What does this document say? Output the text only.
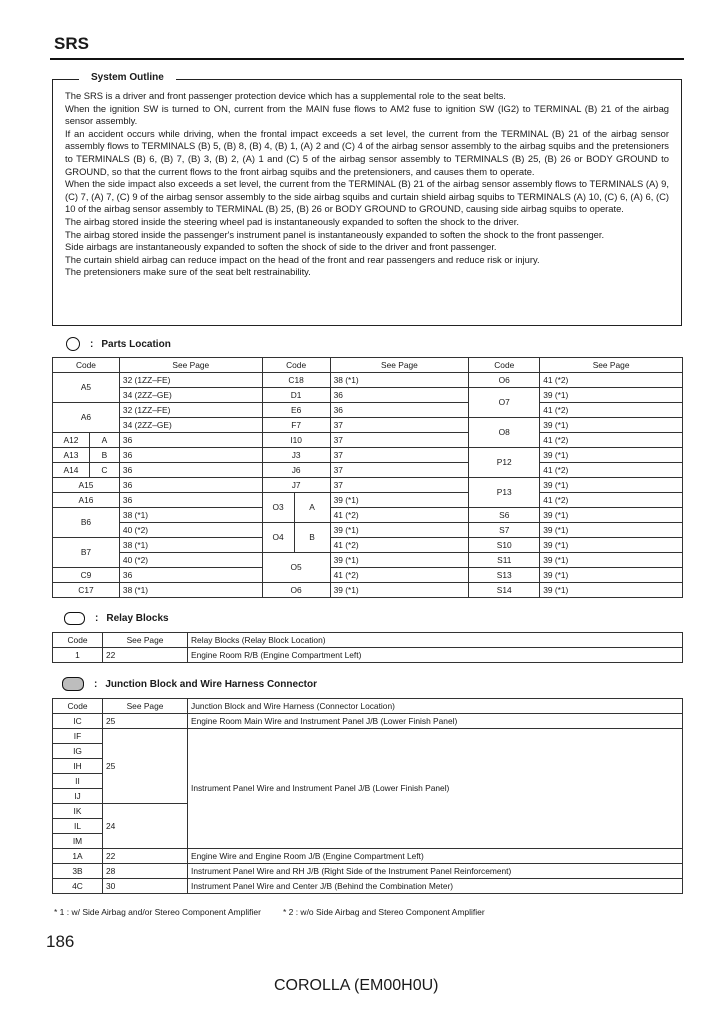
SRS
System Outline

The SRS is a driver and front passenger protection device which has a supplemental role to the seat belts.

When the ignition SW is turned to ON, current from the MAIN fuse flows to AM2 fuse to ignition SW (IG2) to TERMINAL (B) 21 of the airbag sensor assembly.

If an accident occurs while driving, when the frontal impact exceeds a set level, the current from the TERMINAL (B) 21 of the airbag sensor assembly flows to TERMINALS (B) 5, (B) 8, (B) 4, (B) 1, (A) 2 and (C) 4 of the airbag sensor assembly to the airbag squibs and the pretensioners to TERMINALS (B) 6, (B) 7, (B) 3, (B) 2, (A) 1 and (C) 5 of the airbag sensor assembly to TERMINALS (B) 25, (B) 26 or BODY GROUND to GROUND, so that the current flows to the front airbag squibs and the pretensioners, and causes them to operate.

When the side impact also exceeds a set level, the current from the TERMINAL (B) 21 of the airbag sensor assembly flows to TERMINALS (A) 9, (C) 7, (A) 7, (C) 9 of the airbag sensor assembly to the side airbag squibs and curtain shield airbag squibs to TERMINALS (A) 10, (C) 6, (A) 6, (C) 10 of the airbag sensor assembly to TERMINAL (B) 25, (B) 26 or BODY GROUND to GROUND, causing side airbag squibs to operate.

The airbag stored inside the steering wheel pad is instantaneously expanded to soften the shock to the driver.

The airbag stored inside the passenger's instrument panel is instantaneously expanded to soften the shock to the front passenger.

Side airbags are instantaneously expanded to soften the shock of side to the driver and front passenger.

The curtain shield airbag can reduce impact on the head of the front and rear passengers and reduce risk or injury.

The pretensioners make sure of the seat belt restrainability.

: Parts Location
Code		See Page	Code		See Page	Code	See Page
A5		32 (1ZZ–FE)	C18		38 (*1)	O6	41 (*2)
		34 (2ZZ–GE)	D1		36	O7	39 (*1)
A6		32 (1ZZ–FE)	E6		36		41 (*2)
		34 (2ZZ–GE)	F7		37	O8	39 (*1)
A12	A	36	I10		37		41 (*2)
A13	B	36	J3		37	P12	39 (*1)
A14	C	36	J6		37		41 (*2)
A15		36	J7		37	P13	39 (*1)
A16		36	O3	A	39 (*1)		41 (*2)
B6		38 (*1)			41 (*2)	S6	39 (*1)
		40 (*2)	O4	B	39 (*1)	S7	39 (*1)
B7		38 (*1)			41 (*2)	S10	39 (*1)
		40 (*2)	O5		39 (*1)	S11	39 (*1)
C9		36			41 (*2)	S13	39 (*1)
C17		38 (*1)	O6		39 (*1)	S14	39 (*1)
: Relay Blocks
Code	See Page	Relay Blocks (Relay Block Location)
1	22	Engine Room R/B (Engine Compartment Left)
: Junction Block and Wire Harness Connector
Code	See Page	Junction Block and Wire Harness (Connector Location)
IC	25	Engine Room Main Wire and Instrument Panel J/B (Lower Finish Panel)
IF	25	Instrument Panel Wire and Instrument Panel J/B (Lower Finish Panel)
IG		
IH		
II		
IJ		
IK	24	
IL		
IM		
1A	22	Engine Wire and Engine Room J/B (Engine Compartment Left)
3B	28	Instrument Panel Wire and RH J/B (Right Side of the Instrument Panel Reinforcement)
4C	30	Instrument Panel Wire and Center J/B (Behind the Combination Meter)
* 1 : w/ Side Airbag and/or Stereo Component Amplifier	* 2 : w/o Side Airbag and Stereo Component Amplifier
186
COROLLA (EM00H0U)
